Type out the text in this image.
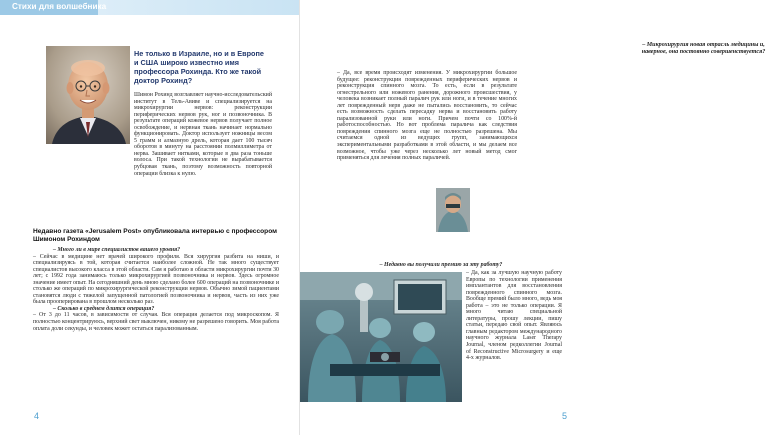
Стихи для волшебника
Не только в Израиле, но и в Европе и США широко известно имя профессора Рохинда. Кто же такой доктор Рохинд?

Шимон Рохинд возглавляет научно-исследовательский институт в Тель-Авиве и специализируется на микрохирургии нервов: реконструкции периферических нервов рук, ног и позвоночника. В результате операций кожевое нервов получает полное освобождение, и нервная ткань начинает нормально функционировать. Доктор использует ножницы весом 5 грамм и алмазную дрель, которая дает 100 тысяч оборотов в минуту на расстоянии полмиллиметра от нерва. Зашивает нитками, которые в два раза тоньше волоса. При такой технологии не вырабатывается рубцовая ткань, поэтому возможность повторной операции близка к нулю.

Недавно газета «Jerusalem Post» опубликовала интервью с профессором Шимоном Рохиндом

– Много ли в мире специалистов вашего уровня?

– Сейчас в медицине нет врачей широкого профиля. Вся хирургия разбита на ниши, и специализируясь в той, которая считается наиболее сложной. Не так много существует специалистов высокого класса в этой области. Сам я работаю в области микрохирургии почти 30 лет; с 1992 года занимаюсь только микрохирургией позвоночника и нервов. Здесь огромное значение имеет опыт. На сегодняшний день мною сделано более 600 операций на позвоночнике и столько же операций по микрохирургической реконструкции нервов. Обычно зимой пациентами становятся люди с тяжелой запущенной патологией позвоночника и нервов, часть из них уже была прооперирована в прошлом несколько раз.

– Сколько в среднем длится операция?

– От 3 до 11 часов, в зависимости от случая. Вся операция делается под микроскопом. Я полностью концентрируюсь, верхний свет выключен, никому не разрешено говорить. Моя работа оплата доли секунды, и человек может остаться парализованным.

4
– Микрохирургия новая отрасль медицины и, наверное, она постоянно совершенствуется?

– Да, все время происходят изменения. У микрохирургии большое будущее: реконструкция поврежденных периферических нервов и реконструкция спинного мозга. То есть, если в результате огнестрельного или ножевого ранения, дорожного происшествия, у человека возникает полный паралич рук или ноги, и в течение многих лет поврежденный нерв даже не пытались восстановить, то сейчас есть возможность сделать пересадку нерва и восстановить работу парализованной руки или ноги. Причем почти со 100%-й работоспособностью. Но вот проблема паралича как следствия повреждения спинного мозга еще не полностью разрешена. Мы считаемся одной из ведущих групп, занимающихся экспериментальными разработками в этой области, и мы делаем все возможное, чтобы уже через несколько лет новый метод смог применяться для лечения полных параличей.

– Недавно вы получили премию за эту работу?

– Да, как за лучшую научную работу Европы по технологии применения имплантантов для восстановления поврежденного спинного мозга. Вообще премий было много, ведь моя работа – это не только операции. Я много читаю специальной литературы, прошу лекции, пишу статьи, передаю свой опыт. Являюсь главным редактором международного научного журнала Laser Therapy Journal, членом редколлегии Journal of Reconstructive Microsurgery и еще 4-х журналов.

5
